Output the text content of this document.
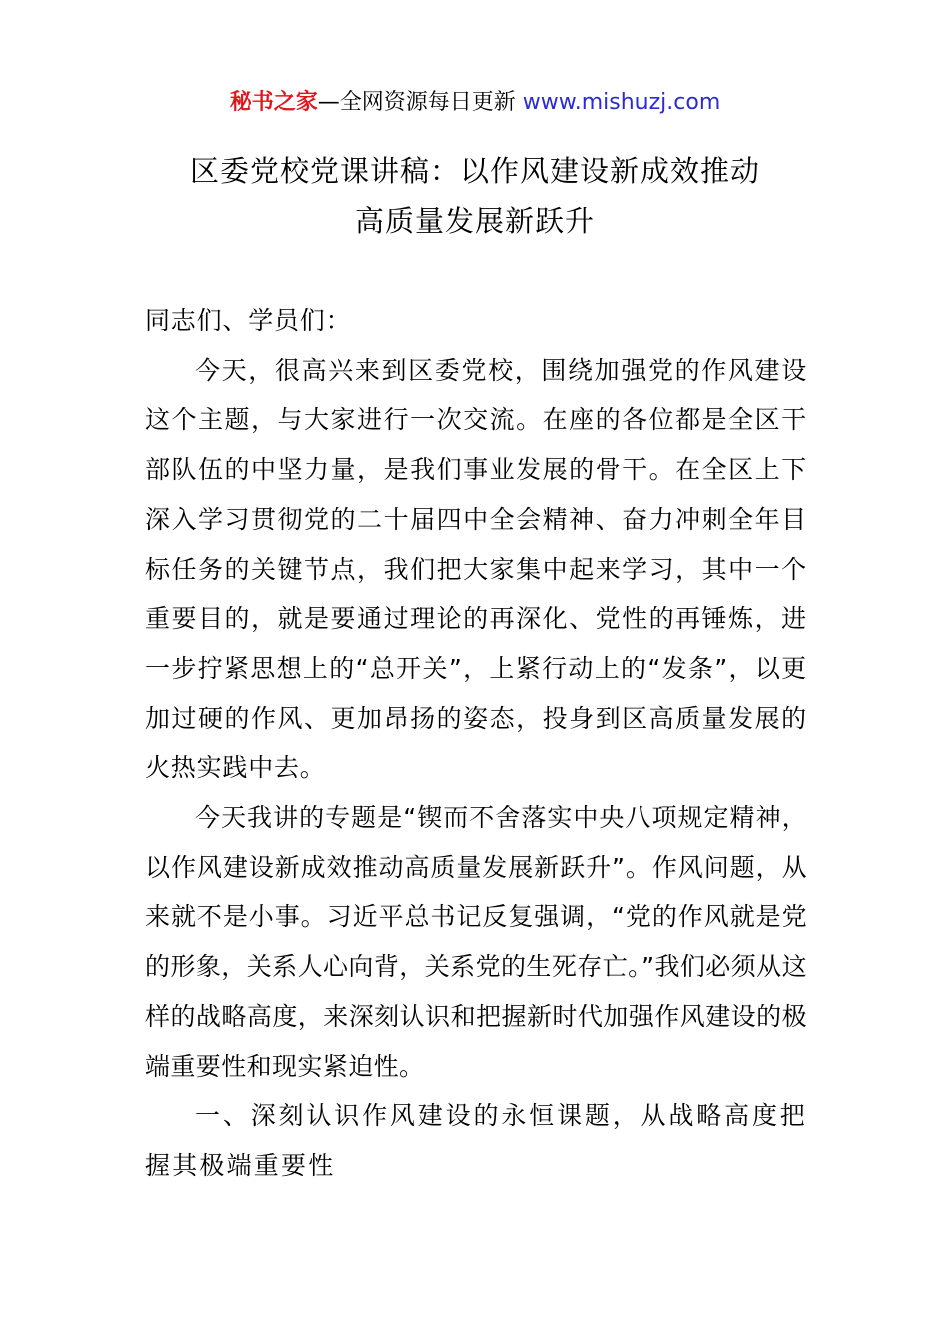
秘书之家—全网资源每日更新 www.mishuzj.com
区委党校党课讲稿：以作风建设新成效推动
高质量发展新跃升

同志们、学员们：

今天，很高兴来到区委党校，围绕加强党的作风建设这个主题，与大家进行一次交流。在座的各位都是全区干部队伍的中坚力量，是我们事业发展的骨干。在全区上下深入学习贯彻党的二十届四中全会精神、奋力冲刺全年目标任务的关键节点，我们把大家集中起来学习，其中一个重要目的，就是要通过理论的再深化、党性的再锤炼，进一步拧紧思想上的“总开关”，上紧行动上的“发条”，以更加过硬的作风、更加昂扬的姿态，投身到区高质量发展的火热实践中去。

今天我讲的专题是“锲而不舍落实中央八项规定精神，以作风建设新成效推动高质量发展新跃升”。作风问题，从来就不是小事。习近平总书记反复强调，“党的作风就是党的形象，关系人心向背，关系党的生死存亡。”我们必须从这样的战略高度，来深刻认识和把握新时代加强作风建设的极端重要性和现实紧迫性。

一、深刻认识作风建设的永恒课题，从战略高度把握其极端重要性
